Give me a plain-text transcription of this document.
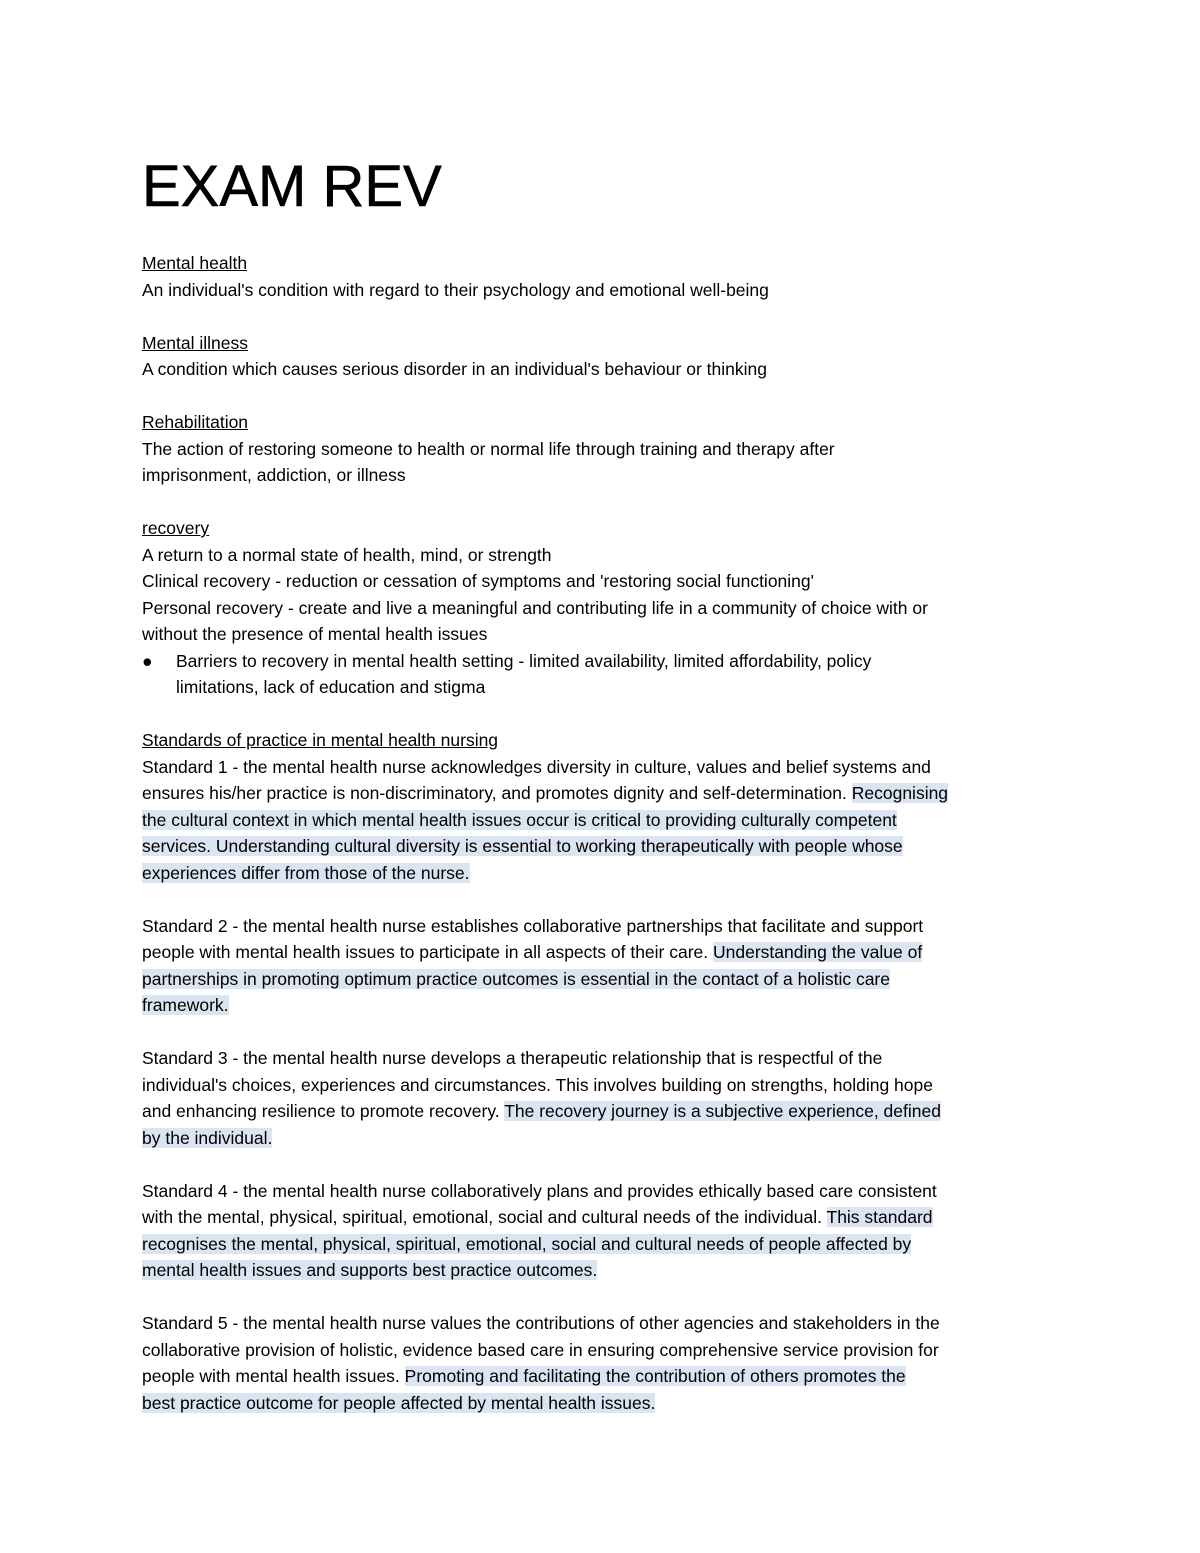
EXAM REV
Mental health
An individual's condition with regard to their psychology and emotional well-being
Mental illness
A condition which causes serious disorder in an individual's behaviour or thinking
Rehabilitation
The action of restoring someone to health or normal life through training and therapy after
imprisonment, addiction, or illness
recovery
A return to a normal state of health, mind, or strength
Clinical recovery - reduction or cessation of symptoms and 'restoring social functioning'
Personal recovery - create and live a meaningful and contributing life in a community of choice with or
without the presence of mental health issues
● Barriers to recovery in mental health setting - limited availability, limited affordability, policy
limitations, lack of education and stigma
Standards of practice in mental health nursing
Standard 1 - the mental health nurse acknowledges diversity in culture, values and belief systems and
ensures his/her practice is non-discriminatory, and promotes dignity and self-determination. Recognising
the cultural context in which mental health issues occur is critical to providing culturally competent
services. Understanding cultural diversity is essential to working therapeutically with people whose
experiences differ from those of the nurse.
Standard 2 - the mental health nurse establishes collaborative partnerships that facilitate and support
people with mental health issues to participate in all aspects of their care. Understanding the value of
partnerships in promoting optimum practice outcomes is essential in the contact of a holistic care
framework.
Standard 3 - the mental health nurse develops a therapeutic relationship that is respectful of the
individual's choices, experiences and circumstances. This involves building on strengths, holding hope
and enhancing resilience to promote recovery. The recovery journey is a subjective experience, defined
by the individual.
Standard 4 - the mental health nurse collaboratively plans and provides ethically based care consistent
with the mental, physical, spiritual, emotional, social and cultural needs of the individual. This standard
recognises the mental, physical, spiritual, emotional, social and cultural needs of people affected by
mental health issues and supports best practice outcomes.
Standard 5 - the mental health nurse values the contributions of other agencies and stakeholders in the
collaborative provision of holistic, evidence based care in ensuring comprehensive service provision for
people with mental health issues. Promoting and facilitating the contribution of others promotes the
best practice outcome for people affected by mental health issues.
